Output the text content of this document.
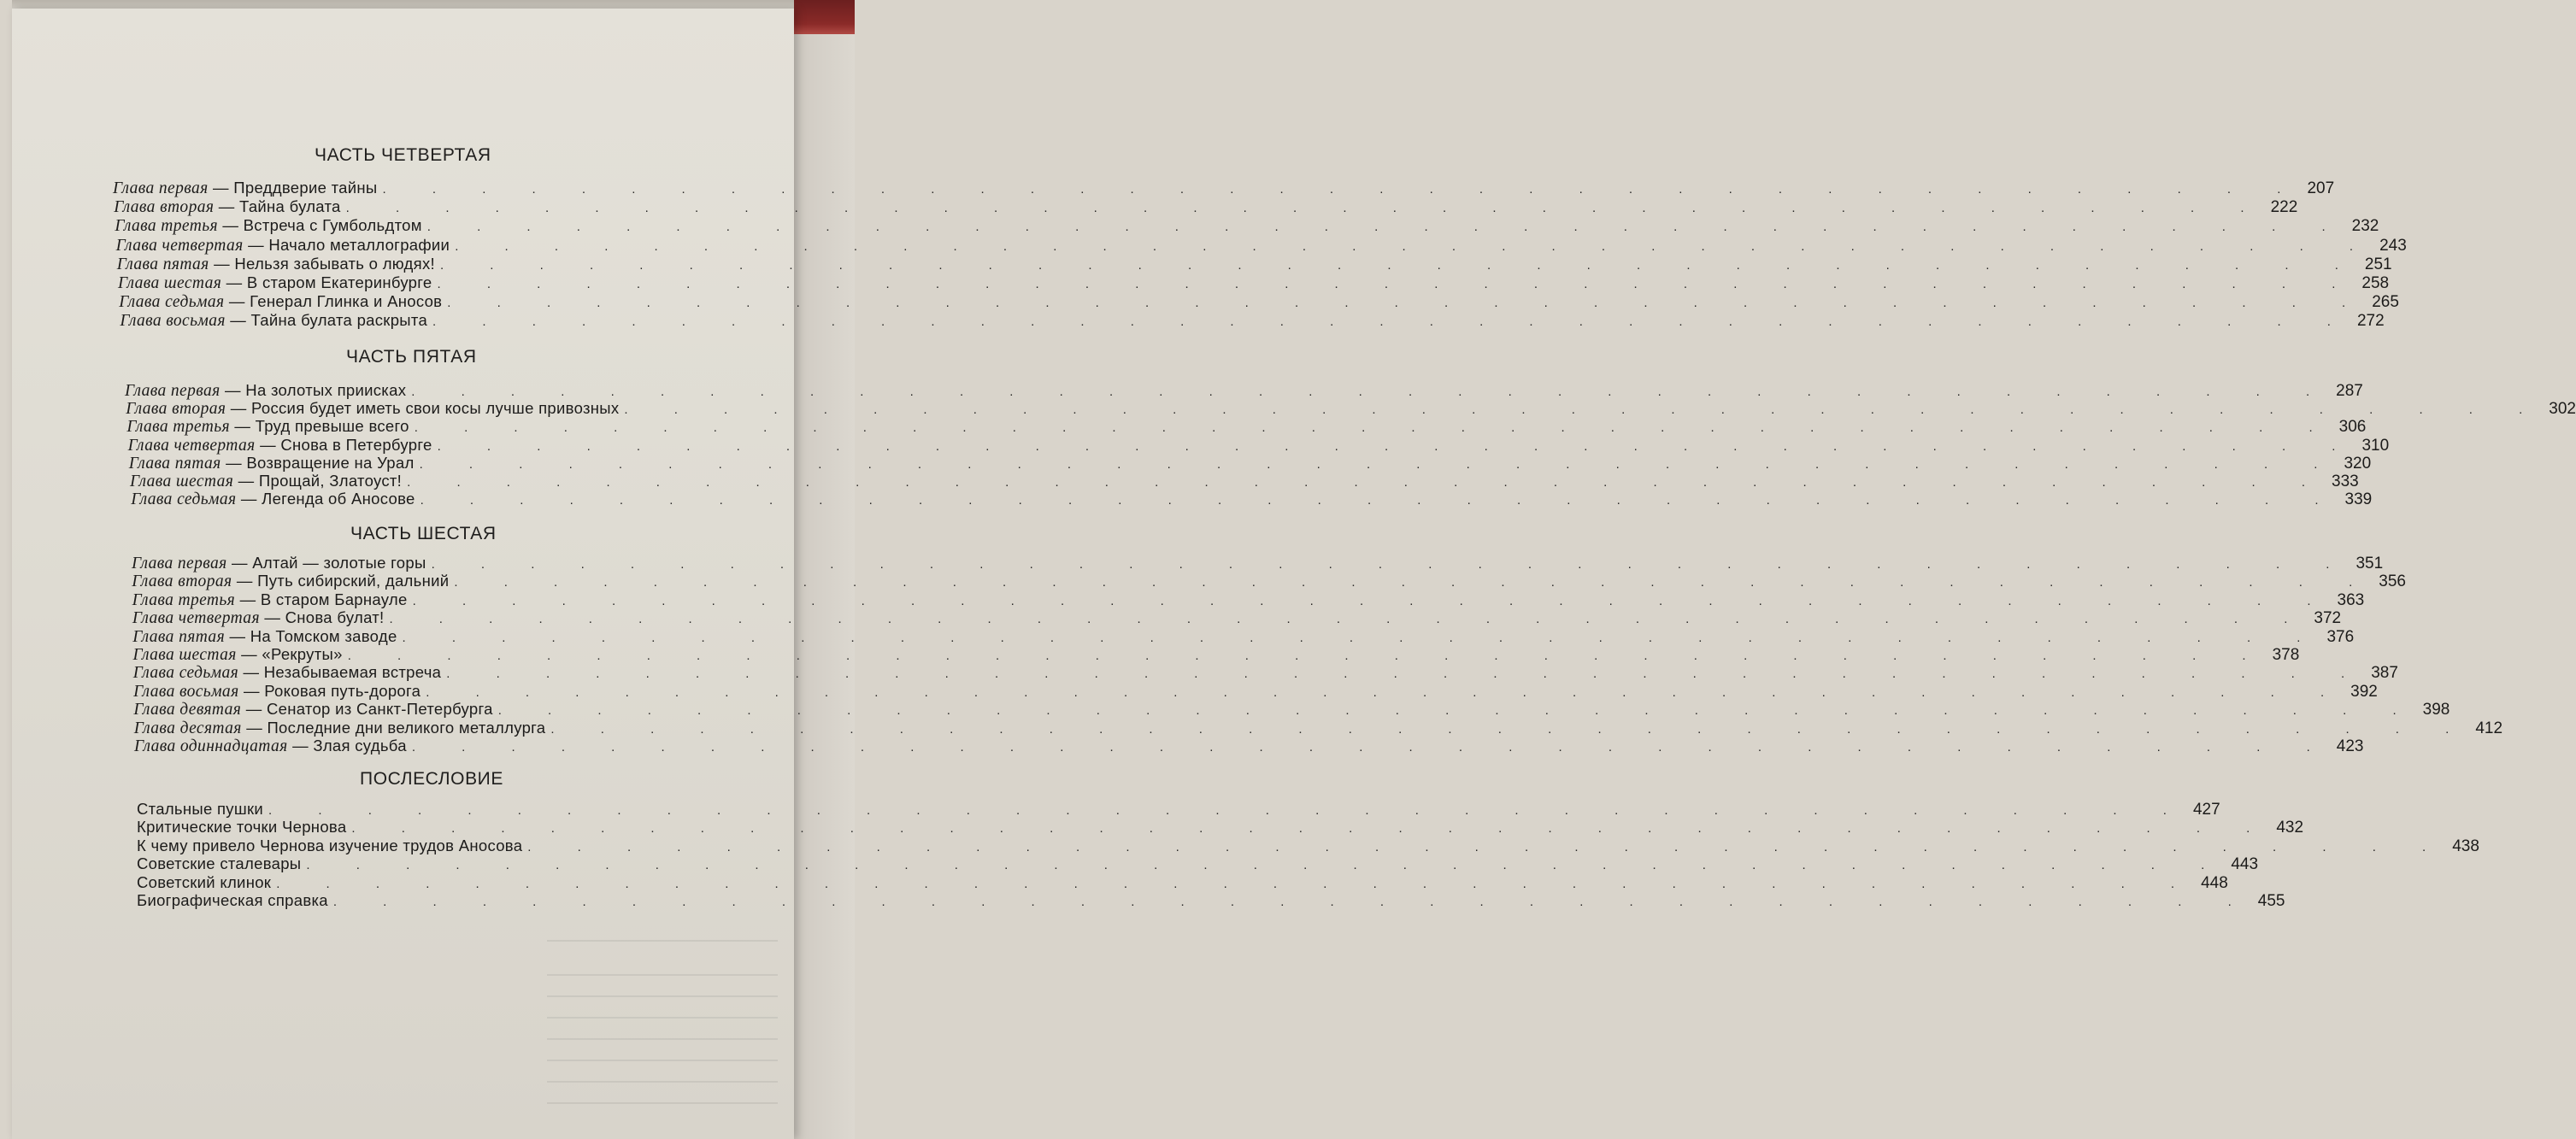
ЧАСТЬ ЧЕТВЕРТАЯ
Глава первая — Преддверие тайны . . . . . . . . . . . . . . . . . . . . . . . . . . . . . . . . . . . . . . . 207
Глава вторая — Тайна булата . . . . . . . . . . . . . . . . . . . . . . . . . . . . . . . . . . . . . . . 222
Глава третья — Встреча с Гумбольдтом . . . . . . . . . . . . . . . . . . . . . . . . . . . . . . . . . . . . . . . 232
Глава четвертая — Начало металлографии . . . . . . . . . . . . . . . . . . . . . . . . . . . . . . . . . . . . . . . 243
Глава пятая — Нельзя забывать о людях! . . . . . . . . . . . . . . . . . . . . . . . . . . . . . . . . . . . . . . . 251
Глава шестая — В старом Екатеринбурге . . . . . . . . . . . . . . . . . . . . . . . . . . . . . . . . . . . . . . . 258
Глава седьмая — Генерал Глинка и Аносов . . . . . . . . . . . . . . . . . . . . . . . . . . . . . . . . . . . . . . . 265
Глава восьмая — Тайна булата раскрыта . . . . . . . . . . . . . . . . . . . . . . . . . . . . . . . . . . . . . . . 272
ЧАСТЬ ПЯТАЯ
Глава первая — На золотых приисках . . . . . . . . . . . . . . . . . . . . . . . . . . . . . . . . . . . . . . . 287
Глава вторая — Россия будет иметь свои косы лучше привозных . . . . . . . . . . . . . . . . . . . . . . . . . . . . . . . . . . . . . . . 302
Глава третья — Труд превыше всего . . . . . . . . . . . . . . . . . . . . . . . . . . . . . . . . . . . . . . . 306
Глава четвертая — Снова в Петербурге . . . . . . . . . . . . . . . . . . . . . . . . . . . . . . . . . . . . . . . 310
Глава пятая — Возвращение на Урал . . . . . . . . . . . . . . . . . . . . . . . . . . . . . . . . . . . . . . . 320
Глава шестая — Прощай, Златоуст! . . . . . . . . . . . . . . . . . . . . . . . . . . . . . . . . . . . . . . . 333
Глава седьмая — Легенда об Аносове . . . . . . . . . . . . . . . . . . . . . . . . . . . . . . . . . . . . . . . 339
ЧАСТЬ ШЕСТАЯ
Глава первая — Алтай — золотые горы . . . . . . . . . . . . . . . . . . . . . . . . . . . . . . . . . . . . . . . 351
Глава вторая — Путь сибирский, дальний . . . . . . . . . . . . . . . . . . . . . . . . . . . . . . . . . . . . . . . 356
Глава третья — В старом Барнауле . . . . . . . . . . . . . . . . . . . . . . . . . . . . . . . . . . . . . . . 363
Глава четвертая — Снова булат! . . . . . . . . . . . . . . . . . . . . . . . . . . . . . . . . . . . . . . . 372
Глава пятая — На Томском заводе . . . . . . . . . . . . . . . . . . . . . . . . . . . . . . . . . . . . . . . 376
Глава шестая — «Рекруты» . . . . . . . . . . . . . . . . . . . . . . . . . . . . . . . . . . . . . . . 378
Глава седьмая — Незабываемая встреча . . . . . . . . . . . . . . . . . . . . . . . . . . . . . . . . . . . . . . . 387
Глава восьмая — Роковая путь-дорога . . . . . . . . . . . . . . . . . . . . . . . . . . . . . . . . . . . . . . . 392
Глава девятая — Сенатор из Санкт-Петербурга . . . . . . . . . . . . . . . . . . . . . . . . . . . . . . . . . . . . . . . 398
Глава десятая — Последние дни великого металлурга . . . . . . . . . . . . . . . . . . . . . . . . . . . . . . . . . . . . . . . 412
Глава одиннадцатая — Злая судьба . . . . . . . . . . . . . . . . . . . . . . . . . . . . . . . . . . . . . . . 423
ПОСЛЕСЛОВИЕ
Стальные пушки . . . . . . . . . . . . . . . . . . . . . . . . . . . . . . . . . . . . . . . 427
Критические точки Чернова . . . . . . . . . . . . . . . . . . . . . . . . . . . . . . . . . . . . . . . 432
К чему привело Чернова изучение трудов Аносова . . . . . . . . . . . . . . . . . . . . . . . . . . . . . . . . . . . . . . . 438
Советские сталевары . . . . . . . . . . . . . . . . . . . . . . . . . . . . . . . . . . . . . . . 443
Советский клинок . . . . . . . . . . . . . . . . . . . . . . . . . . . . . . . . . . . . . . . 448
Биографическая справка . . . . . . . . . . . . . . . . . . . . . . . . . . . . . . . . . . . . . . . 455
